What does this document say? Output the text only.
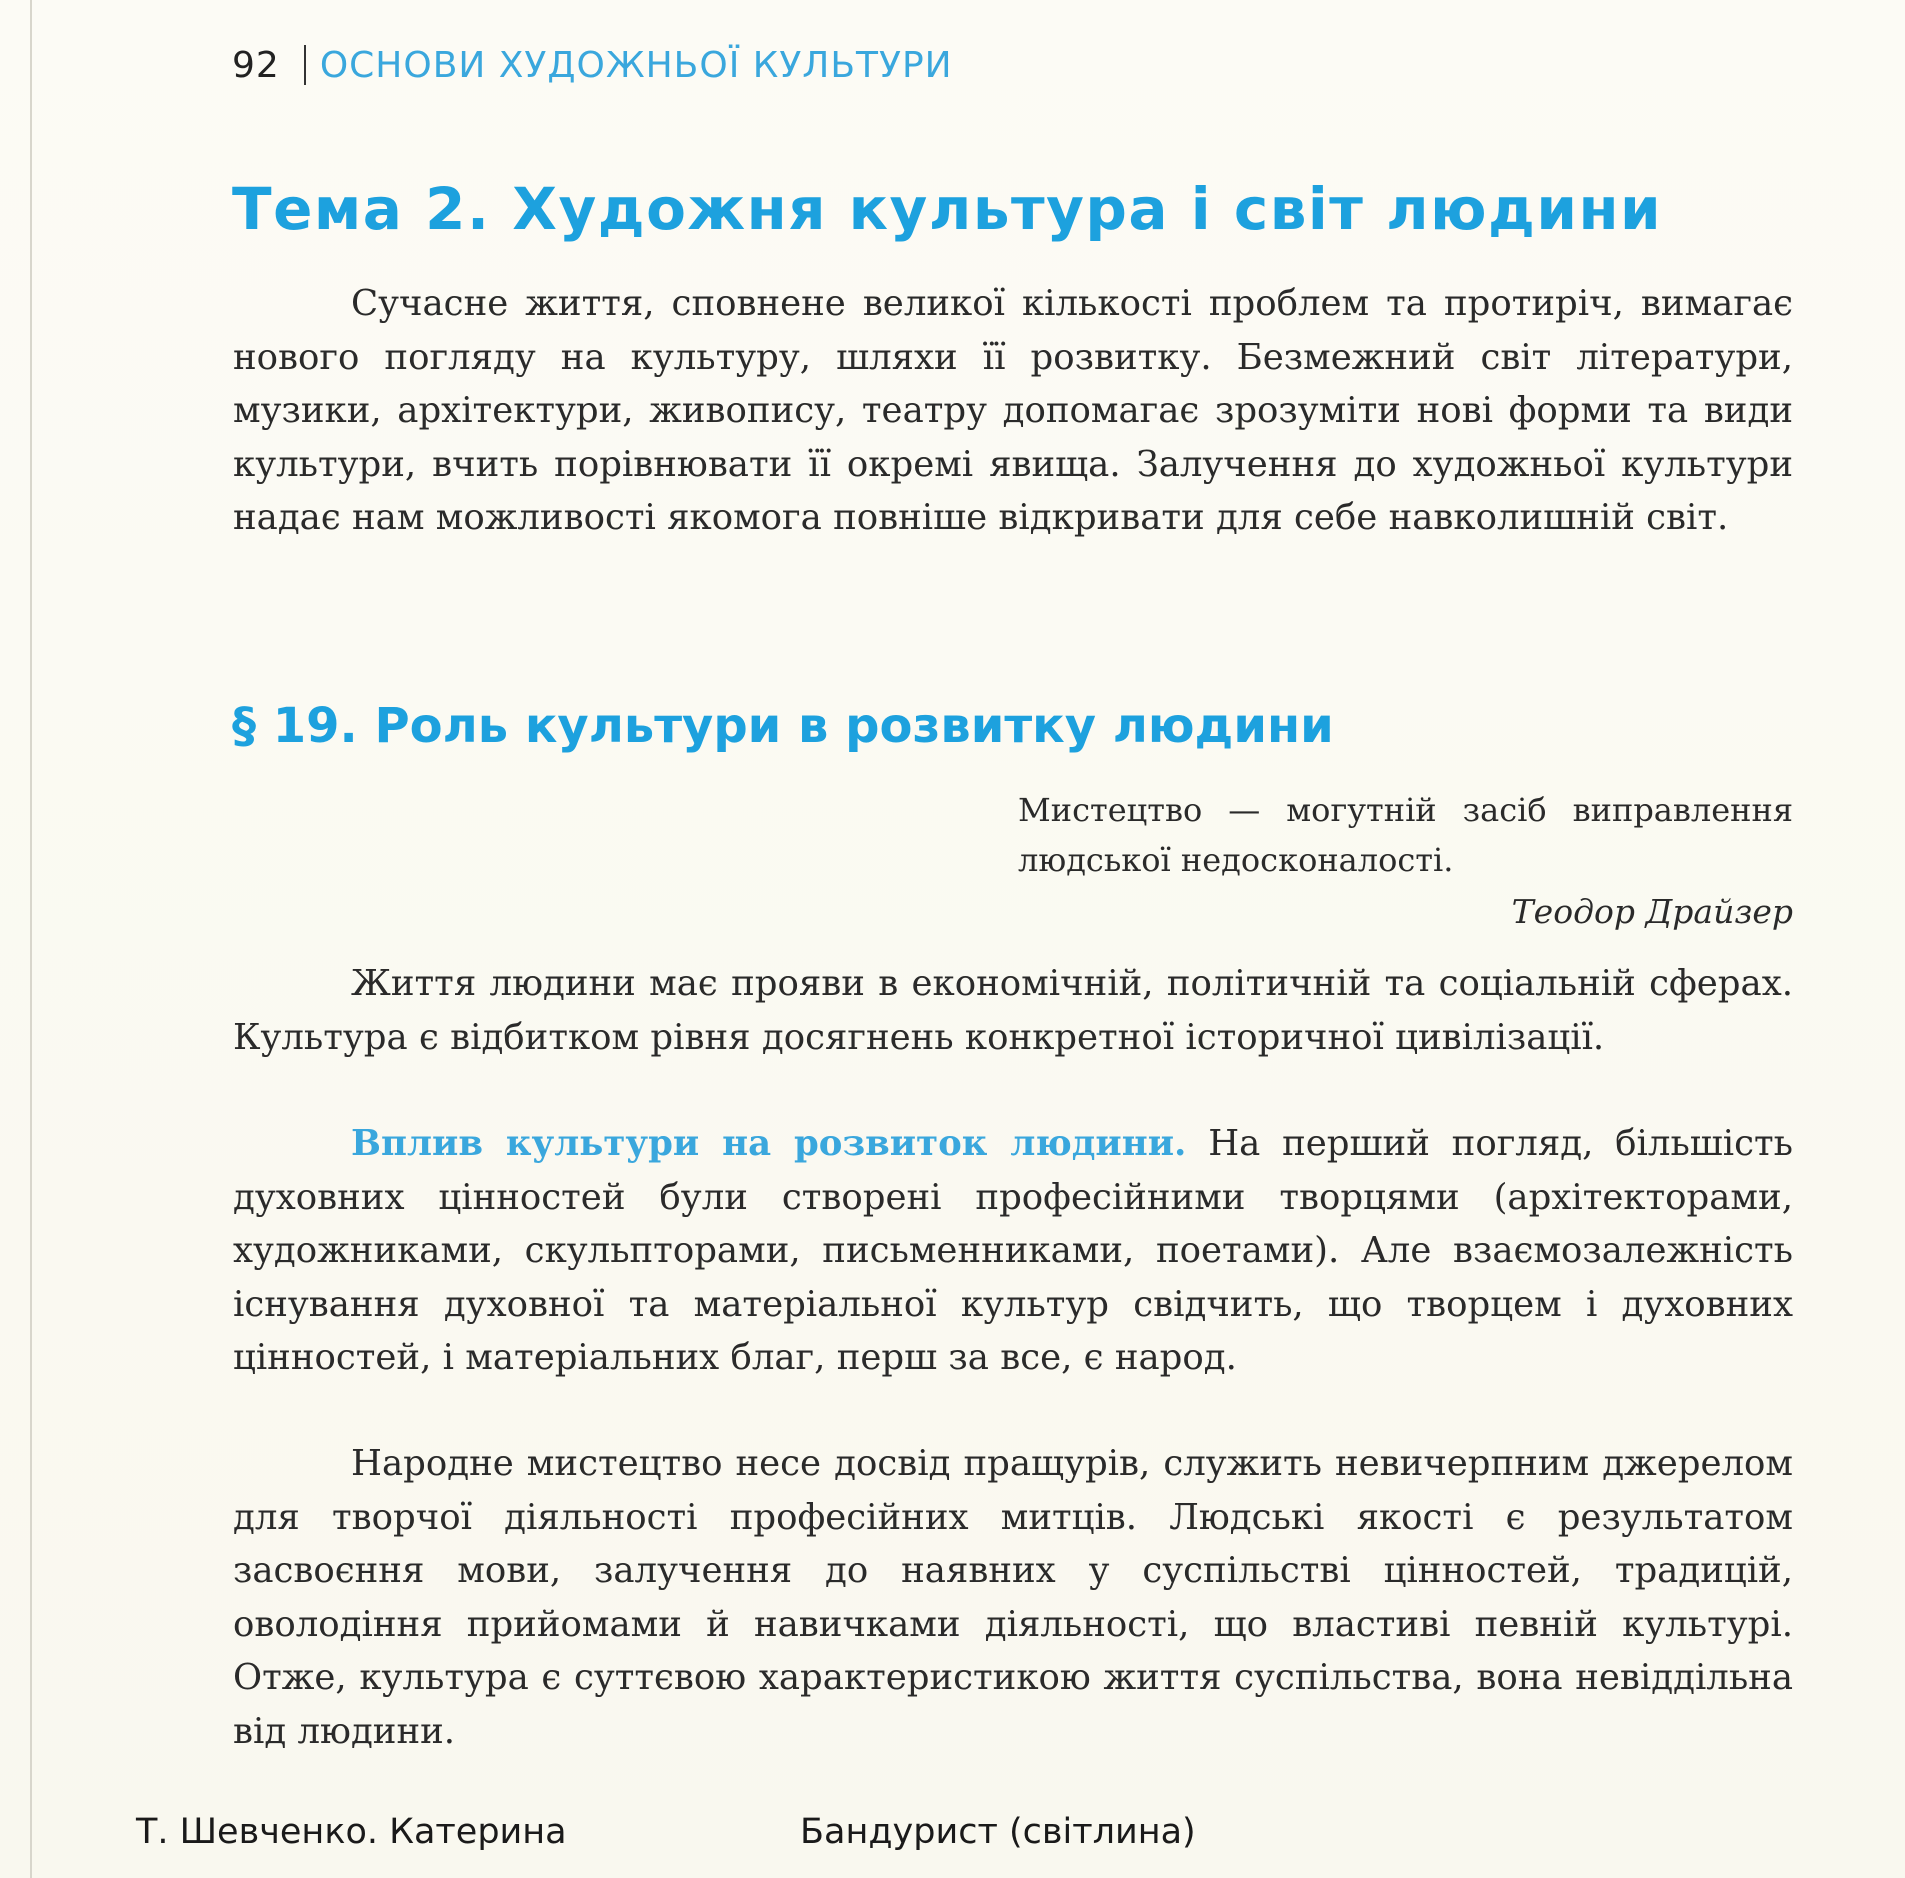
92 ОСНОВИ ХУДОЖНЬОЇ КУЛЬТУРИ
Тема 2. Художня культура і світ людини

Сучасне життя, сповнене великої кількості проблем та протиріч, вимагає нового погляду на культуру, шляхи її розвитку. Безмежний світ літератури, музики, архітектури, живопису, театру допомагає зрозуміти нові форми та види культури, вчить порівнювати її окремі явища. Залучення до художньої культури надає нам можливості якомога повніше відкривати для себе навколишній світ.

§ 19. Роль культури в розвитку людини

Мистецтво — могутній засіб виправлення людської недосконалості.

Теодор Драйзер

Життя людини має прояви в економічній, політичній та соціальній сферах. Культура є відбитком рівня досягнень конкретної історичної цивілізації.

Вплив культури на розвиток людини. На перший погляд, більшість духовних цінностей були створені професійними творцями (архітекторами, художниками, скульпторами, письменниками, поетами). Але взаємозалежність існування духовної та матеріальної культур свідчить, що творцем і духовних цінностей, і матеріальних благ, перш за все, є народ.

Народне мистецтво несе досвід пращурів, служить невичерпним джерелом для творчої діяльності професійних митців. Людські якості є результатом засвоєння мови, залучення до наявних у суспільстві цінностей, традицій, оволодіння прийомами й навичками діяльності, що властиві певній культурі. Отже, культура є суттєвою характеристикою життя суспільства, вона невіддільна від людини.

Т. Шевченко. Катерина	Бандурист (світлина)
